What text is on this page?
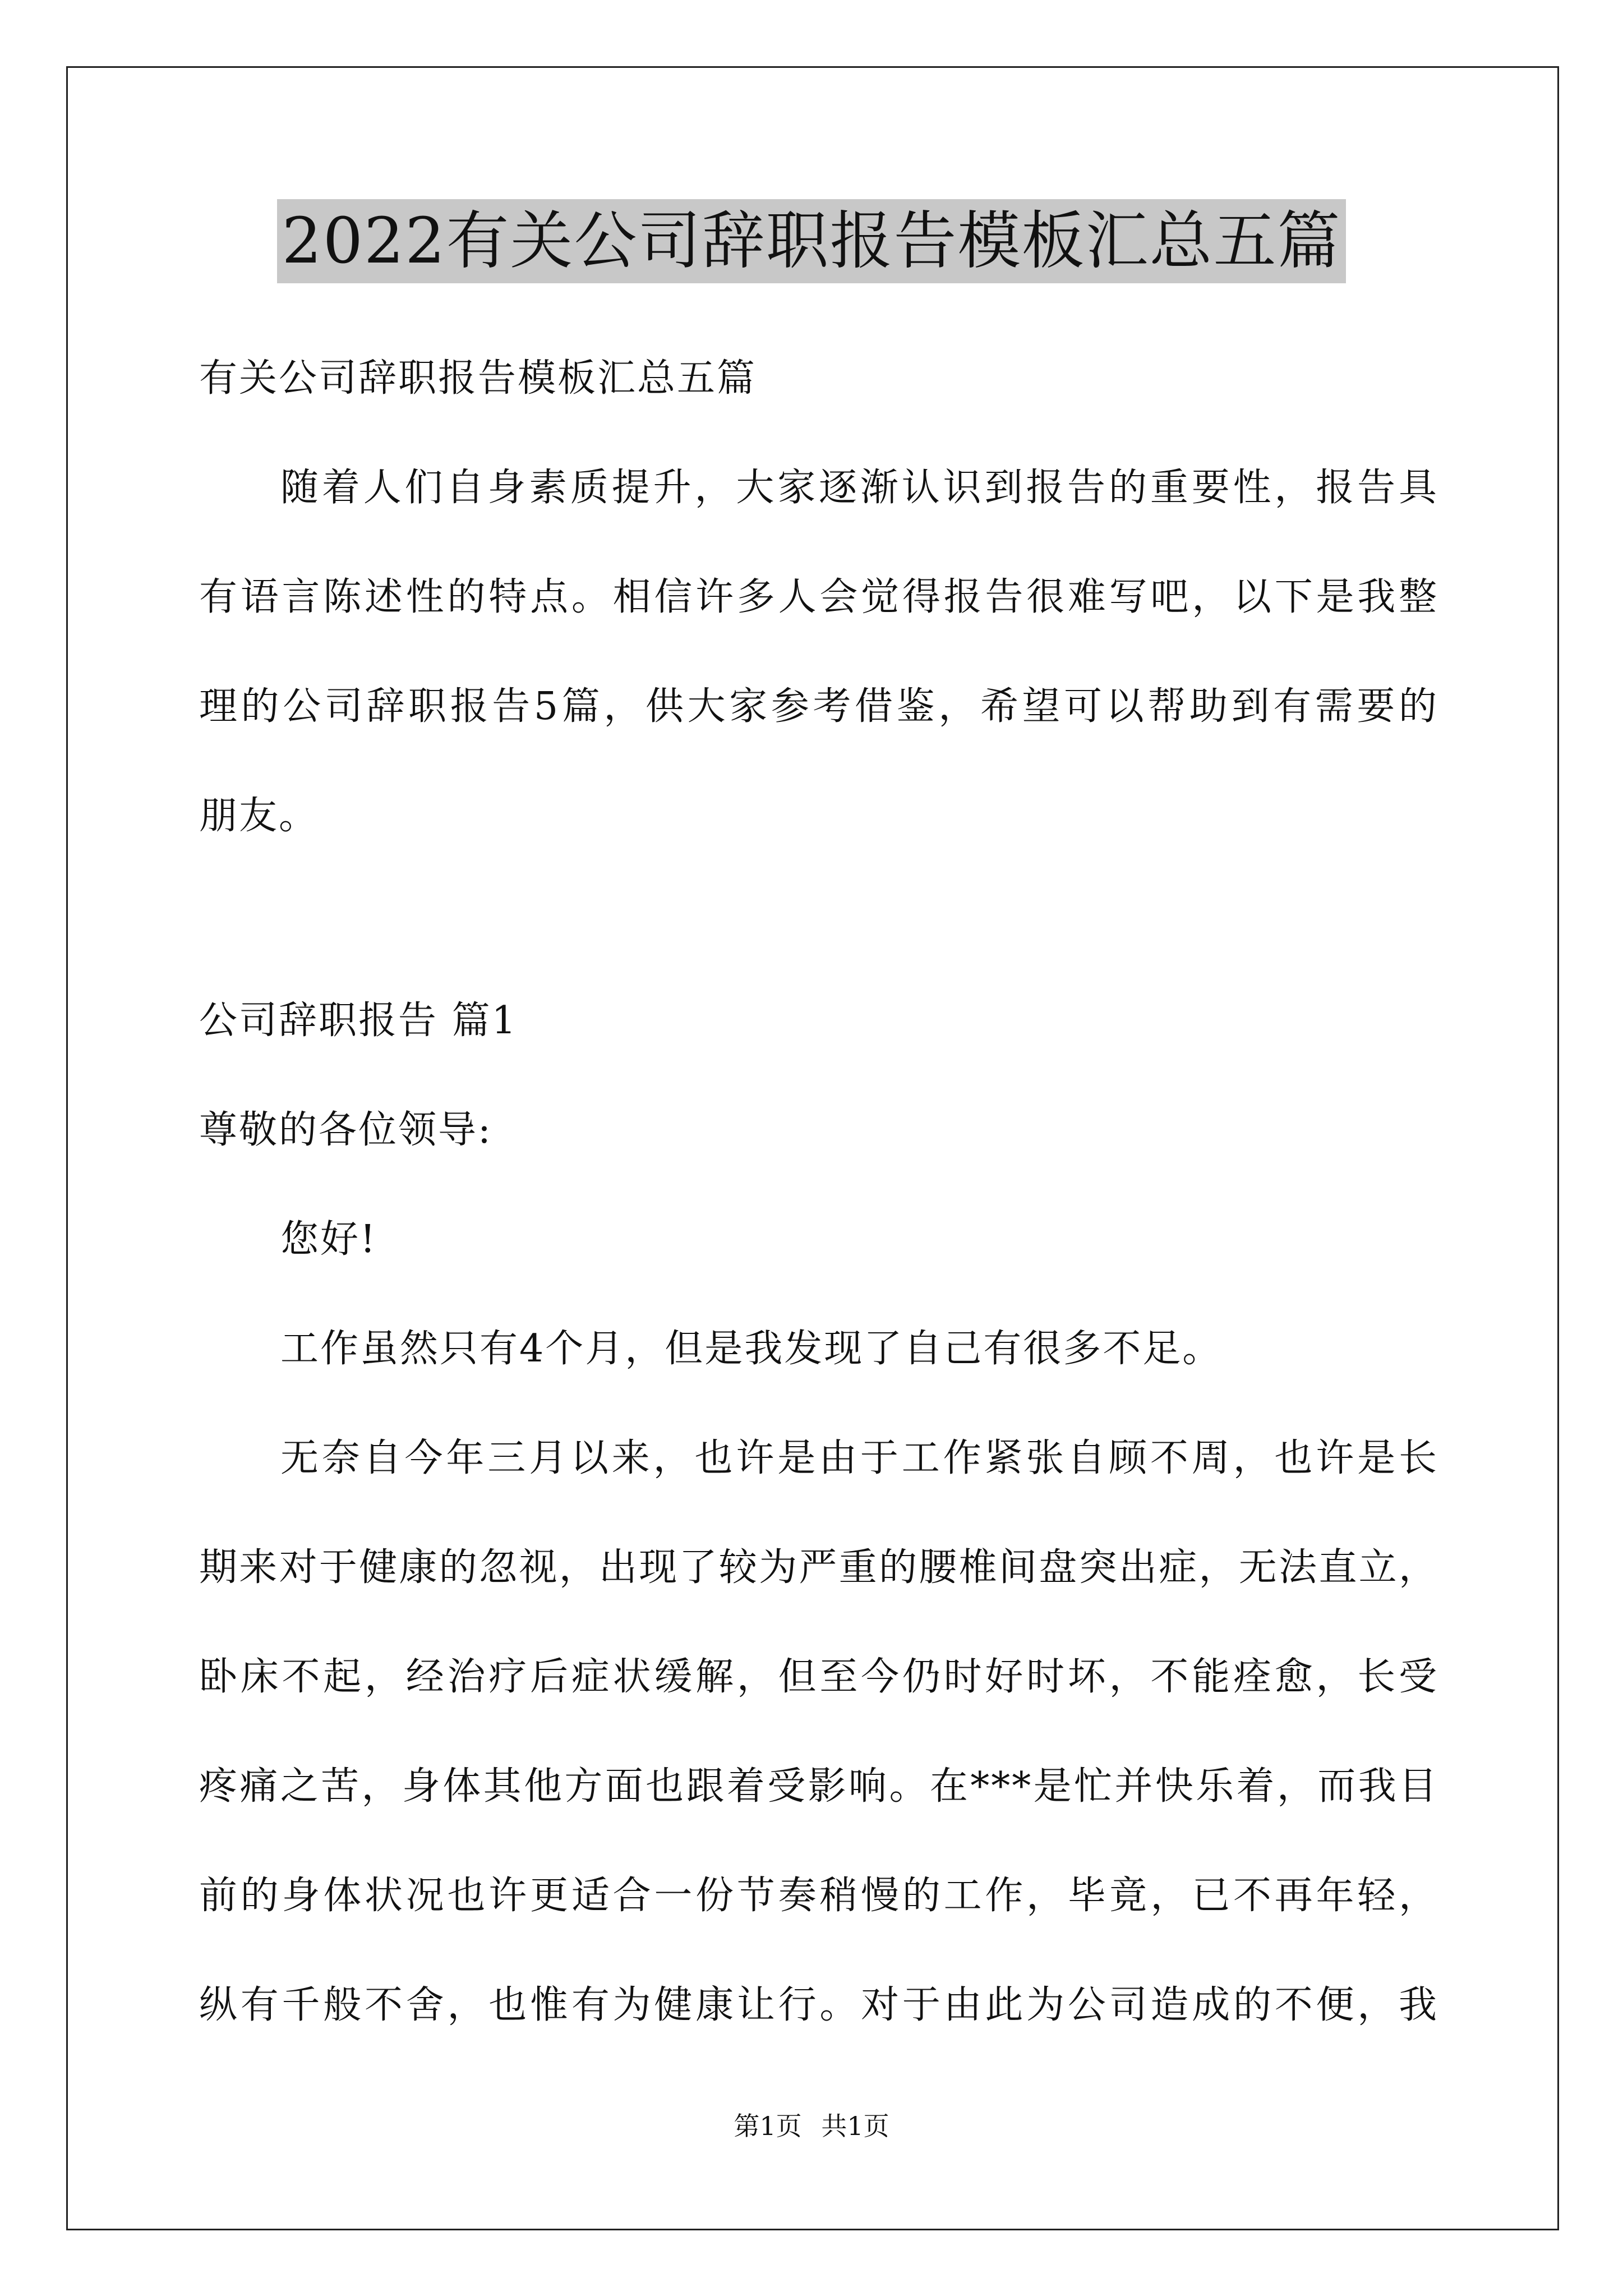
2022有关公司辞职报告模板汇总五篇
有关公司辞职报告模板汇总五篇
随着人们自身素质提升，大家逐渐认识到报告的重要性，报告具
有语言陈述性的特点。相信许多人会觉得报告很难写吧，以下是我整
理的公司辞职报告5篇，供大家参考借鉴，希望可以帮助到有需要的
朋友。
公司辞职报告 篇1
尊敬的各位领导:
您好!
工作虽然只有4个月，但是我发现了自己有很多不足。
无奈自今年三月以来，也许是由于工作紧张自顾不周，也许是长
期来对于健康的忽视，出现了较为严重的腰椎间盘突出症，无法直立，
卧床不起，经治疗后症状缓解，但至今仍时好时坏，不能痊愈，长受
疼痛之苦，身体其他方面也跟着受影响。在***是忙并快乐着，而我目
前的身体状况也许更适合一份节奏稍慢的工作，毕竟，已不再年轻，
纵有千般不舍，也惟有为健康让行。对于由此为公司造成的不便，我
第1页 共1页
